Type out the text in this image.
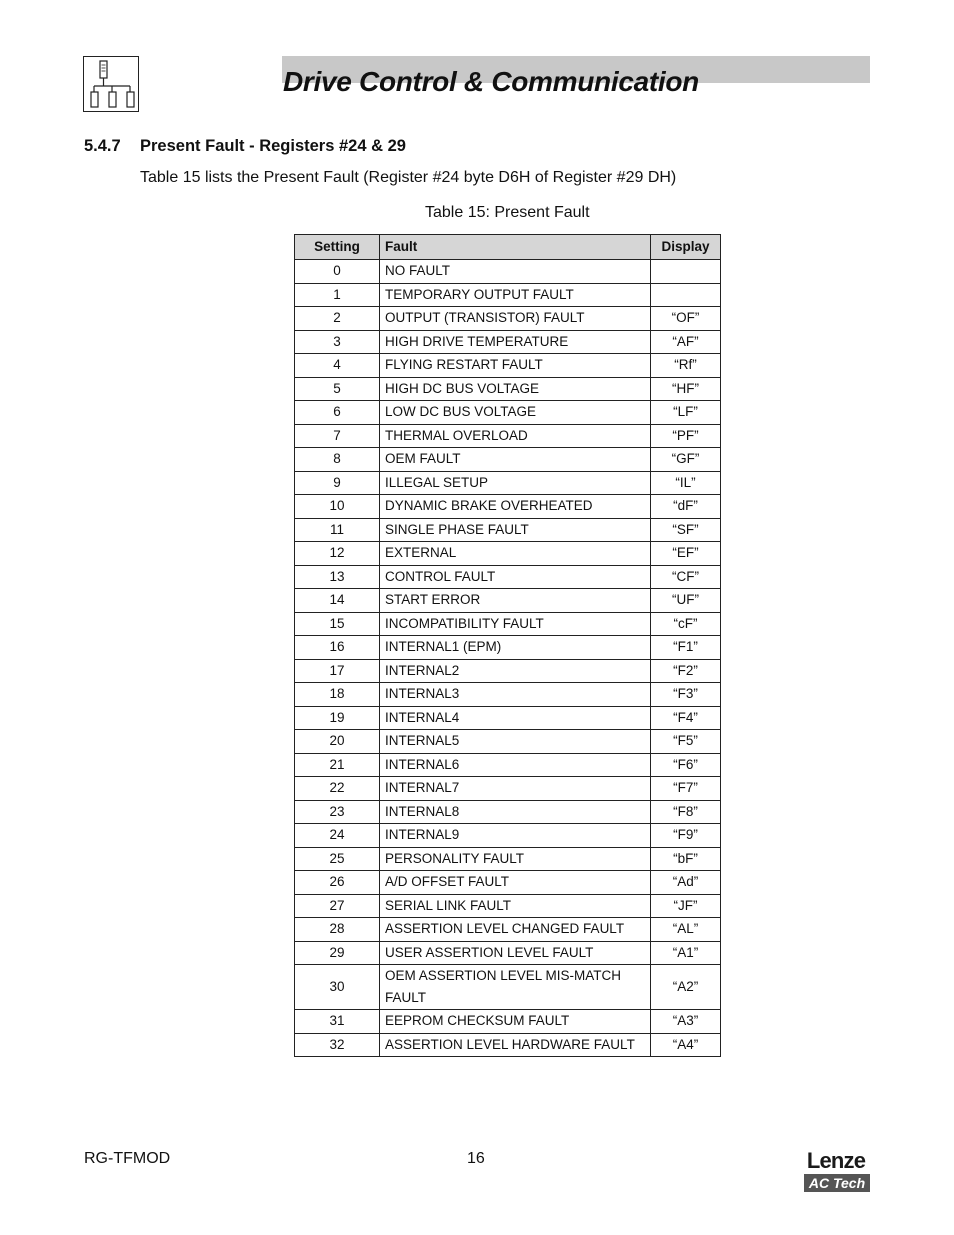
Drive Control & Communication
5.4.7 Present Fault - Registers #24 & 29
Table 15 lists the Present Fault (Register #24 byte D6H of Register #29 DH)
Table 15: Present Fault
Setting	Fault	Display
0	NO FAULT	
1	TEMPORARY OUTPUT FAULT	
2	OUTPUT (TRANSISTOR) FAULT	“OF”
3	HIGH DRIVE TEMPERATURE	“AF”
4	FLYING RESTART FAULT	“Rf”
5	HIGH DC BUS VOLTAGE	“HF”
6	LOW DC BUS VOLTAGE	“LF”
7	THERMAL OVERLOAD	“PF”
8	OEM FAULT	“GF”
9	ILLEGAL SETUP	“IL”
10	DYNAMIC BRAKE OVERHEATED	“dF”
11	SINGLE PHASE FAULT	“SF”
12	EXTERNAL	“EF”
13	CONTROL FAULT	“CF”
14	START ERROR	“UF”
15	INCOMPATIBILITY FAULT	“cF”
16	INTERNAL1 (EPM)	“F1”
17	INTERNAL2	“F2”
18	INTERNAL3	“F3”
19	INTERNAL4	“F4”
20	INTERNAL5	“F5”
21	INTERNAL6	“F6”
22	INTERNAL7	“F7”
23	INTERNAL8	“F8”
24	INTERNAL9	“F9”
25	PERSONALITY FAULT	“bF”
26	A/D OFFSET FAULT	“Ad”
27	SERIAL LINK FAULT	“JF”
28	ASSERTION LEVEL CHANGED FAULT	“AL”
29	USER ASSERTION LEVEL FAULT	“A1”
30	OEM ASSERTION LEVEL MIS-MATCH FAULT	“A2”
31	EEPROM CHECKSUM FAULT	“A3”
32	ASSERTION LEVEL HARDWARE FAULT	“A4”
RG-TFMOD	16	Lenze
AC Tech
